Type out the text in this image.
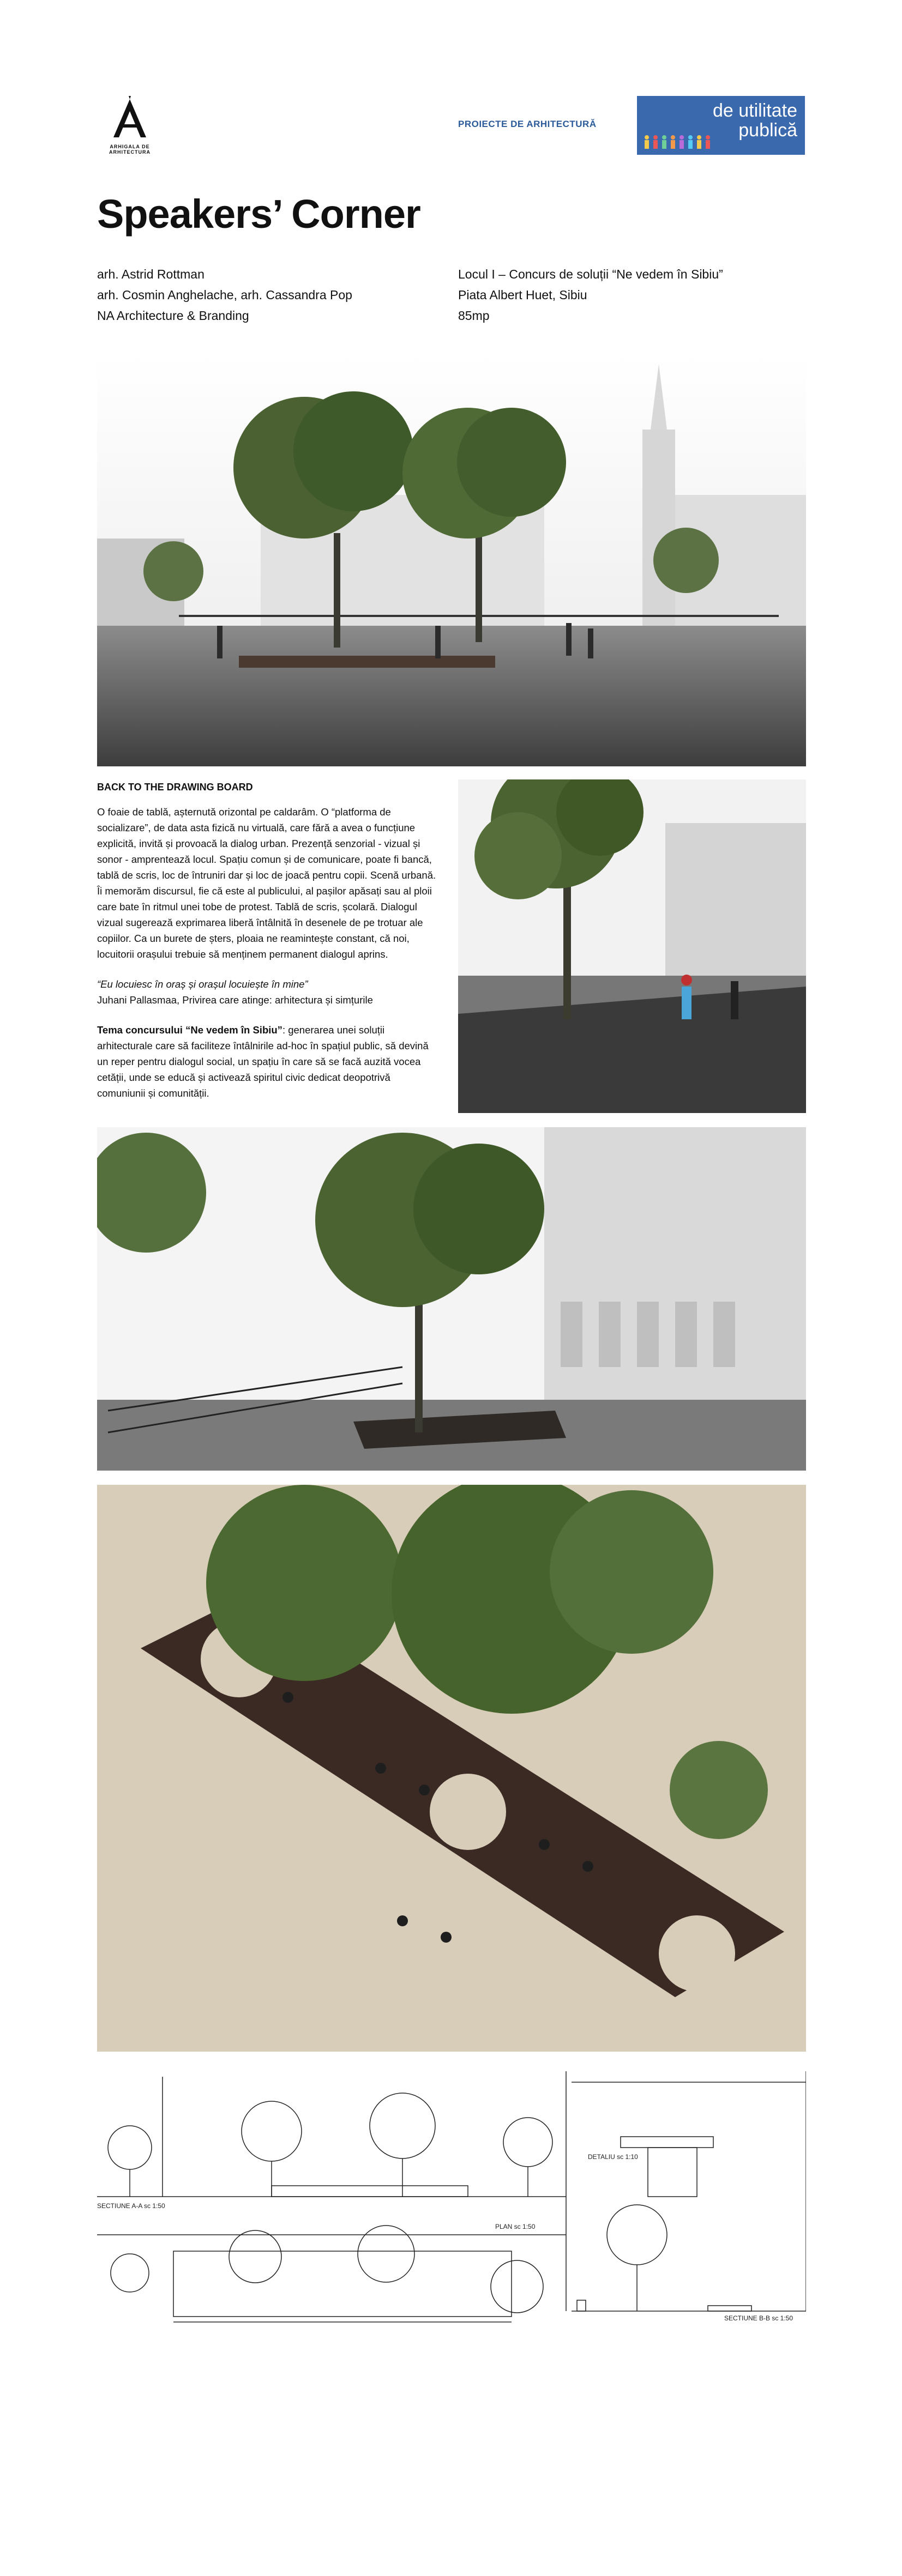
ARHIGALA DE ARHITECTURA
PROIECTE DE ARHITECTURĂ
de utilitate
publică
Speakers’ Corner
arh. Astrid Rottman
arh. Cosmin Anghelache, arh. Cassandra Pop
NA Architecture & Branding
Locul I – Concurs de soluții “Ne vedem în Sibiu”
Piata Albert Huet, Sibiu
85mp
BACK TO THE DRAWING BOARD

O foaie de tablă, așternută orizontal pe caldarâm. O “platforma de socializare”, de data asta fizică nu virtuală, care fără a avea o funcțiune explicită, invită și provoacă la dialog urban. Prezență senzorial - vizual și sonor - amprentează locul. Spațiu comun și de comunicare, poate fi bancă, tablă de scris, loc de întruniri dar și loc de joacă pentru copii. Scenă urbană. Îi memorăm discursul, fie că este al publicului, al pașilor apăsați sau al ploii care bate în ritmul unei tobe de protest. Tablă de scris, școlară. Dialogul vizual sugerează exprimarea liberă întâlnită în desenele de pe trotuar ale copiilor. Ca un burete de șters, ploaia ne reamintește constant, că noi, locuitorii orașului trebuie să menținem permanent dialogul aprins.

“Eu locuiesc în oraș și orașul locuiește în mine”

Juhani Pallasmaa, Privirea care atinge: arhitectura și simțurile

Tema concursului “Ne vedem în Sibiu”: generarea unei soluții arhitecturale care să faciliteze întâlnirile ad-hoc în spațiul public, să devină un reper pentru dialogul social, un spațiu în care să se facă auzită vocea cetății, unde se educă și activează spiritul civic dedicat deopotrivă comuniunii și comunității.

SECTIUNE A-A sc 1:50
PLAN sc 1:50
DETALIU sc 1:10
SECTIUNE B-B sc 1:50
